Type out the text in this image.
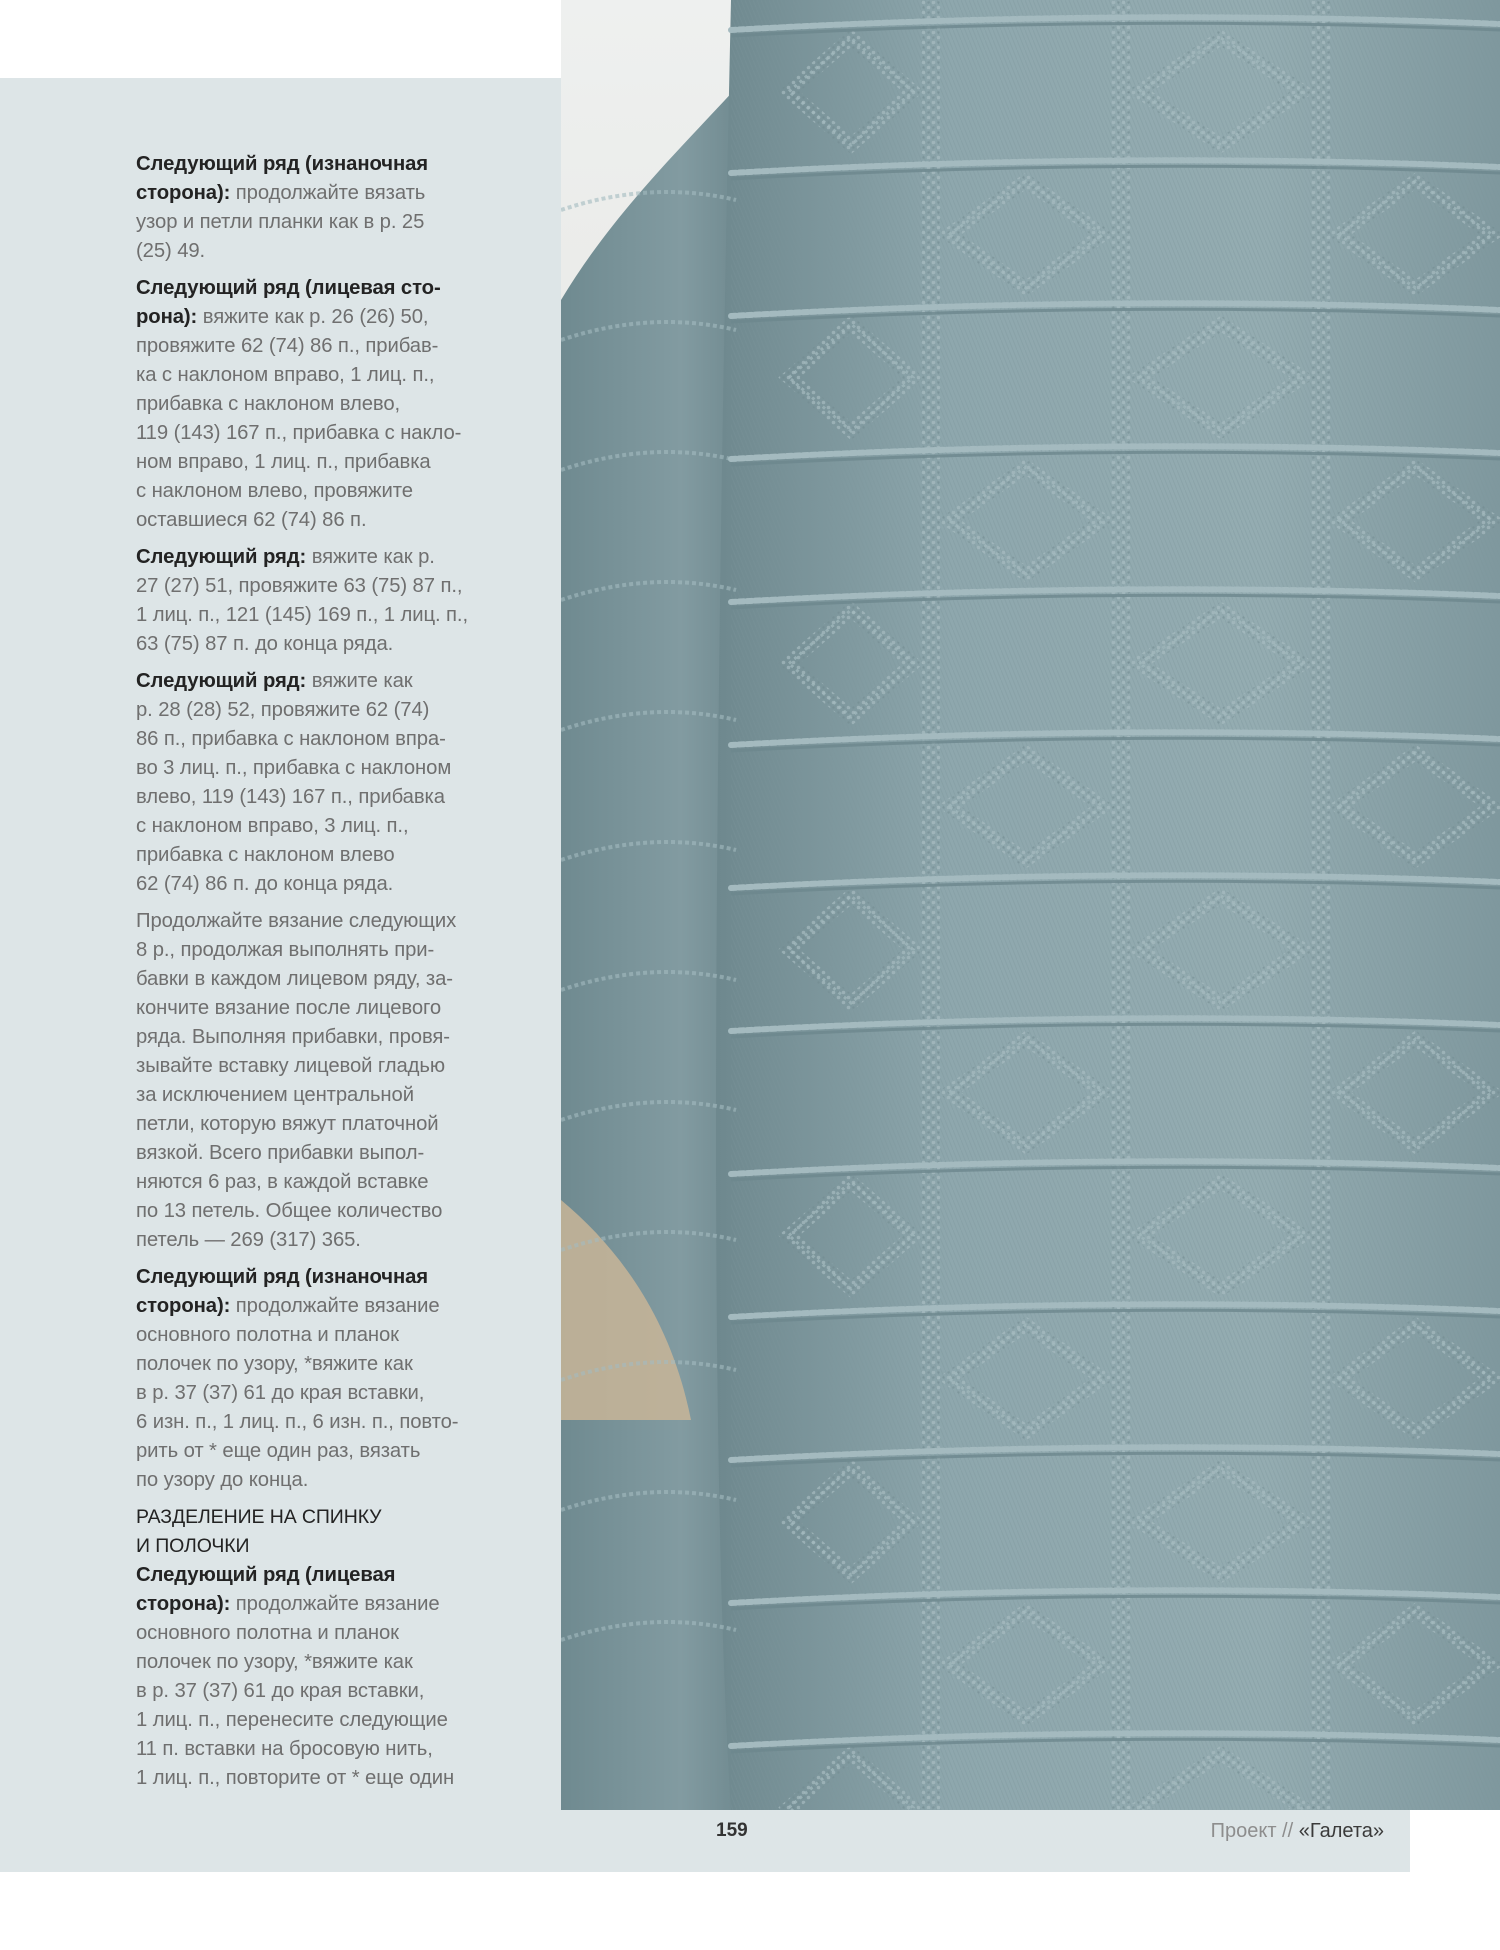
Следующий ряд (изнаночная
сторона): продолжайте вязать
узор и петли планки как в р. 25
(25) 49.
Следующий ряд (лицевая сто-
рона): вяжите как р. 26 (26) 50,
провяжите 62 (74) 86 п., прибав-
ка с наклоном вправо, 1 лиц. п.,
прибавка с наклоном влево,
119 (143) 167 п., прибавка с накло-
ном вправо, 1 лиц. п., прибавка
с наклоном влево, провяжите
оставшиеся 62 (74) 86 п.
Следующий ряд: вяжите как р.
27 (27) 51, провяжите 63 (75) 87 п.,
1 лиц. п., 121 (145) 169 п., 1 лиц. п.,
63 (75) 87 п. до конца ряда.
Следующий ряд: вяжите как
р. 28 (28) 52, провяжите 62 (74)
86 п., прибавка с наклоном впра-
во 3 лиц. п., прибавка с наклоном
влево, 119 (143) 167 п., прибавка
с наклоном вправо, 3 лиц. п.,
прибавка с наклоном влево
62 (74) 86 п. до конца ряда.
Продолжайте вязание следующих
8 р., продолжая выполнять при-
бавки в каждом лицевом ряду, за-
кончите вязание после лицевого
ряда. Выполняя прибавки, провя-
зывайте вставку лицевой гладью
за исключением центральной
петли, которую вяжут платочной
вязкой. Всего прибавки выпол-
няются 6 раз, в каждой вставке
по 13 петель. Общее количество
петель — 269 (317) 365.
Следующий ряд (изнаночная
сторона): продолжайте вязание
основного полотна и планок
полочек по узору, *вяжите как
в р. 37 (37) 61 до края вставки,
6 изн. п., 1 лиц. п., 6 изн. п., повто-
рить от * еще один раз, вязать
по узору до конца.
РАЗДЕЛЕНИЕ НА СПИНКУ
И ПОЛОЧКИ
Следующий ряд (лицевая
сторона): продолжайте вязание
основного полотна и планок
полочек по узору, *вяжите как
в р. 37 (37) 61 до края вставки,
1 лиц. п., перенесите следующие
11 п. вставки на бросовую нить,
1 лиц. п., повторите от * еще один
159	Проект // «Галета»
